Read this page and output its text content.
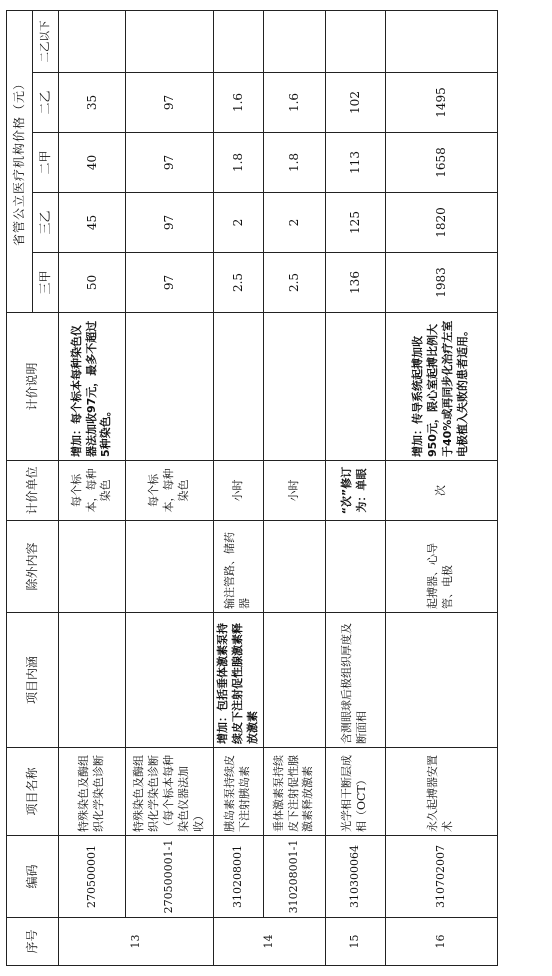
序号	编码	项目名称	项目内涵	除外内容	计价单位	计价说明	省管公立医疗机构价格（元）				
							三甲	三乙	二甲	二乙	二乙以下
13	270500001	特殊染色及酶组织化学染色诊断			每个标本，每种染色	增加：每个标本每种染色仪器法加收97元，最多不超过5种染色。	50	45	40	35	
	270500001-1	特殊染色及酶组织化学染色诊断（每个标本每种染色仪器法加收）			每个标本，每种染色		97	97	97	97	
14	310208001	胰岛素泵持续皮下注射胰岛素	增加：包括垂体激素泵持续皮下注射促性腺激素释放激素	输注管路、储药器	小时		2.5	2	1.8	1.6	
	310208001-1	垂体激素泵持续皮下注射促性腺激素释放激素			小时		2.5	2	1.8	1.6	
15	310300064	光学相干断层成相（OCT）	含测眼球后极组织厚度及断面相		“次”修订为：单眼		136	125	113	102	
16	310702007	永久起搏器安置术		起搏器、心导管、电极	次	增加：传导系统起搏加收950元，限心室起搏比例大于40%或再同步化治疗左室电极植入失败的患者适用。	1983	1820	1658	1495	
